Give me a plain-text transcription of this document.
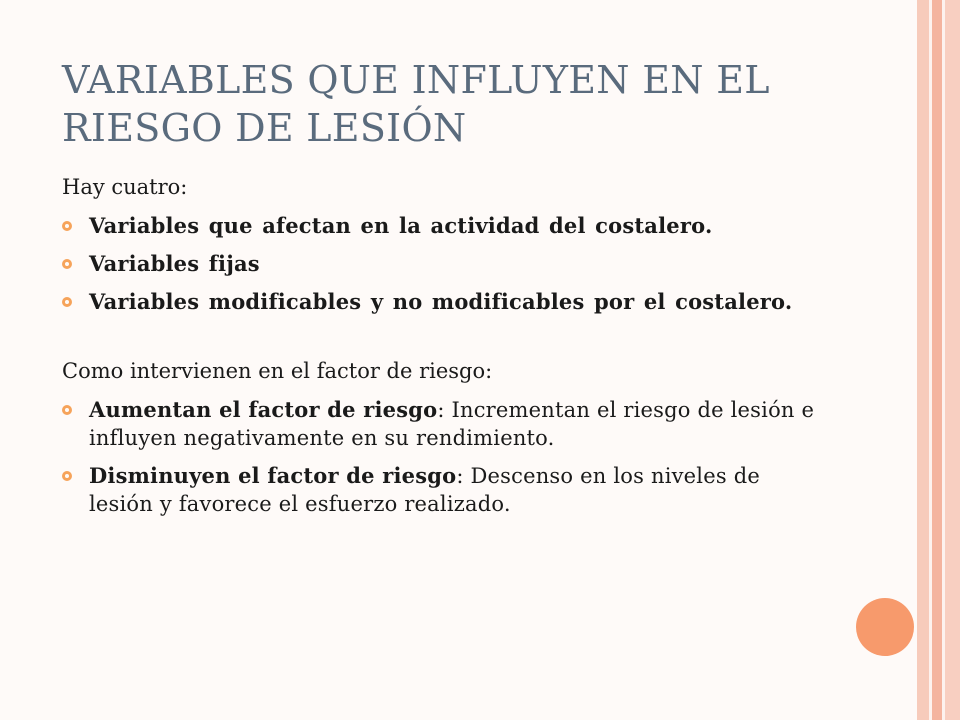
VARIABLES QUE INFLUYEN EN EL RIESGO DE LESIÓN

Hay cuatro:

Variables que afectan en la actividad del costalero.
Variables fijas
Variables modificables y no modificables por el costalero.

Como intervienen en el factor de riesgo:

Aumentan el factor de riesgo: Incrementan el riesgo de lesión e influyen negativamente en su rendimiento.
Disminuyen el factor de riesgo: Descenso en los niveles de lesión y favorece el esfuerzo realizado.
